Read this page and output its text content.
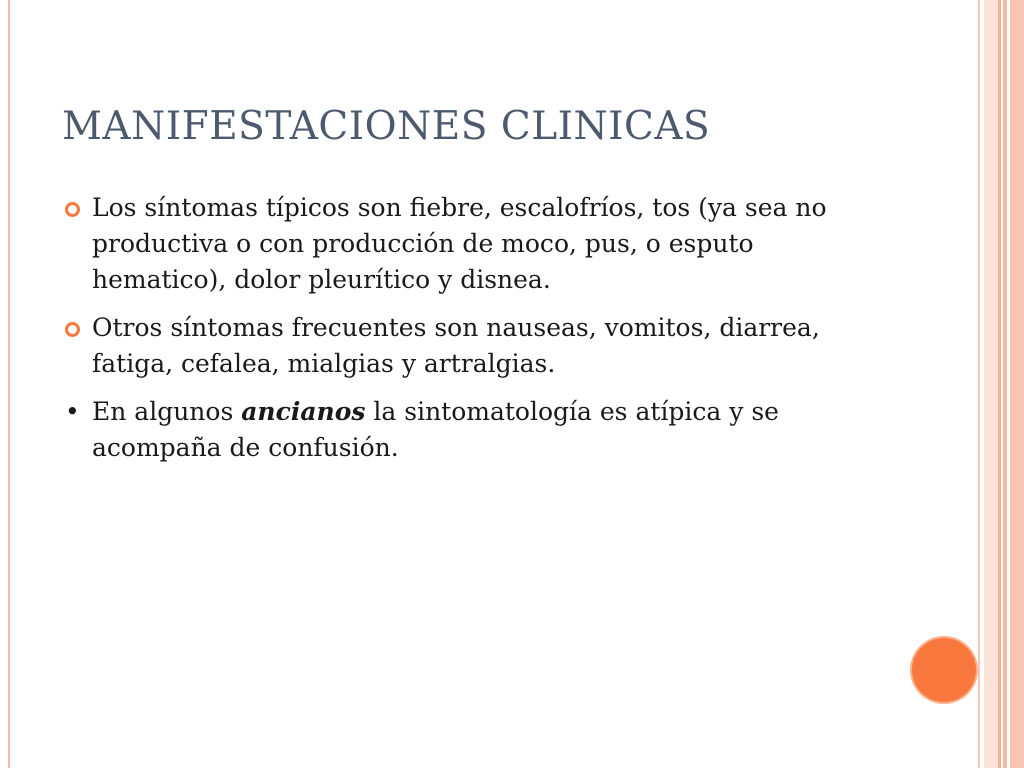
MANIFESTACIONES CLINICAS
Los síntomas típicos son fiebre, escalofríos, tos (ya sea no productiva o con producción de moco, pus, o esputo hematico), dolor pleurítico y disnea.
Otros síntomas frecuentes son nauseas, vomitos, diarrea, fatiga, cefalea, mialgias y artralgias.
• En algunos ancianos la sintomatología es atípica y se acompaña de confusión.
